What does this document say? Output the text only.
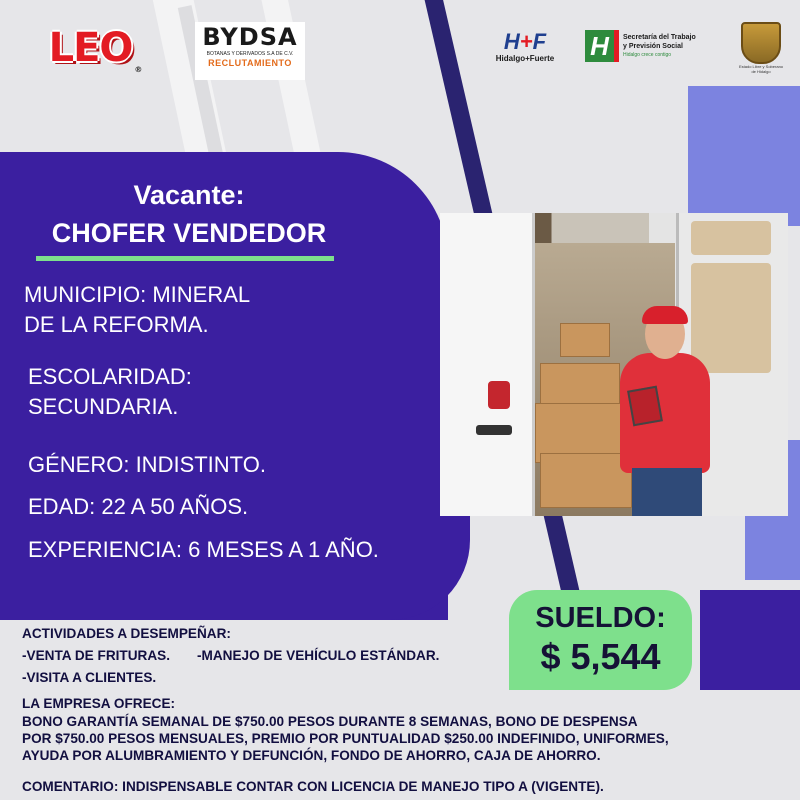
LEO ®
BYDSA
BOTANAS Y DERIVADOS S.A DE C.V.
RECLUTAMIENTO
H+F
Hidalgo+Fuerte H	Secretaría del Trabajo
y Previsión Social
Hidalgo crece contigo
Estado Libre y Soberano de Hidalgo
Vacante:
CHOFER VENDEDOR
MUNICIPIO: MINERAL
DE LA REFORMA.
ESCOLARIDAD:
SECUNDARIA.
GÉNERO: INDISTINTO.
EDAD: 22 A 50 AÑOS.
EXPERIENCIA: 6 MESES A 1 AÑO.
SUELDO:
$ 5,544
ACTIVIDADES A DESEMPEÑAR:
-VENTA DE FRITURAS. -MANEJO DE VEHÍCULO ESTÁNDAR.
-VISITA A CLIENTES.
LA EMPRESA OFRECE:
BONO GARANTÍA SEMANAL DE $750.00 PESOS DURANTE 8 SEMANAS, BONO DE DESPENSA
POR $750.00 PESOS MENSUALES, PREMIO POR PUNTUALIDAD $250.00 INDEFINIDO, UNIFORMES,
AYUDA POR ALUMBRAMIENTO Y DEFUNCIÓN, FONDO DE AHORRO, CAJA DE AHORRO.
COMENTARIO: INDISPENSABLE CONTAR CON LICENCIA DE MANEJO TIPO A (VIGENTE).
